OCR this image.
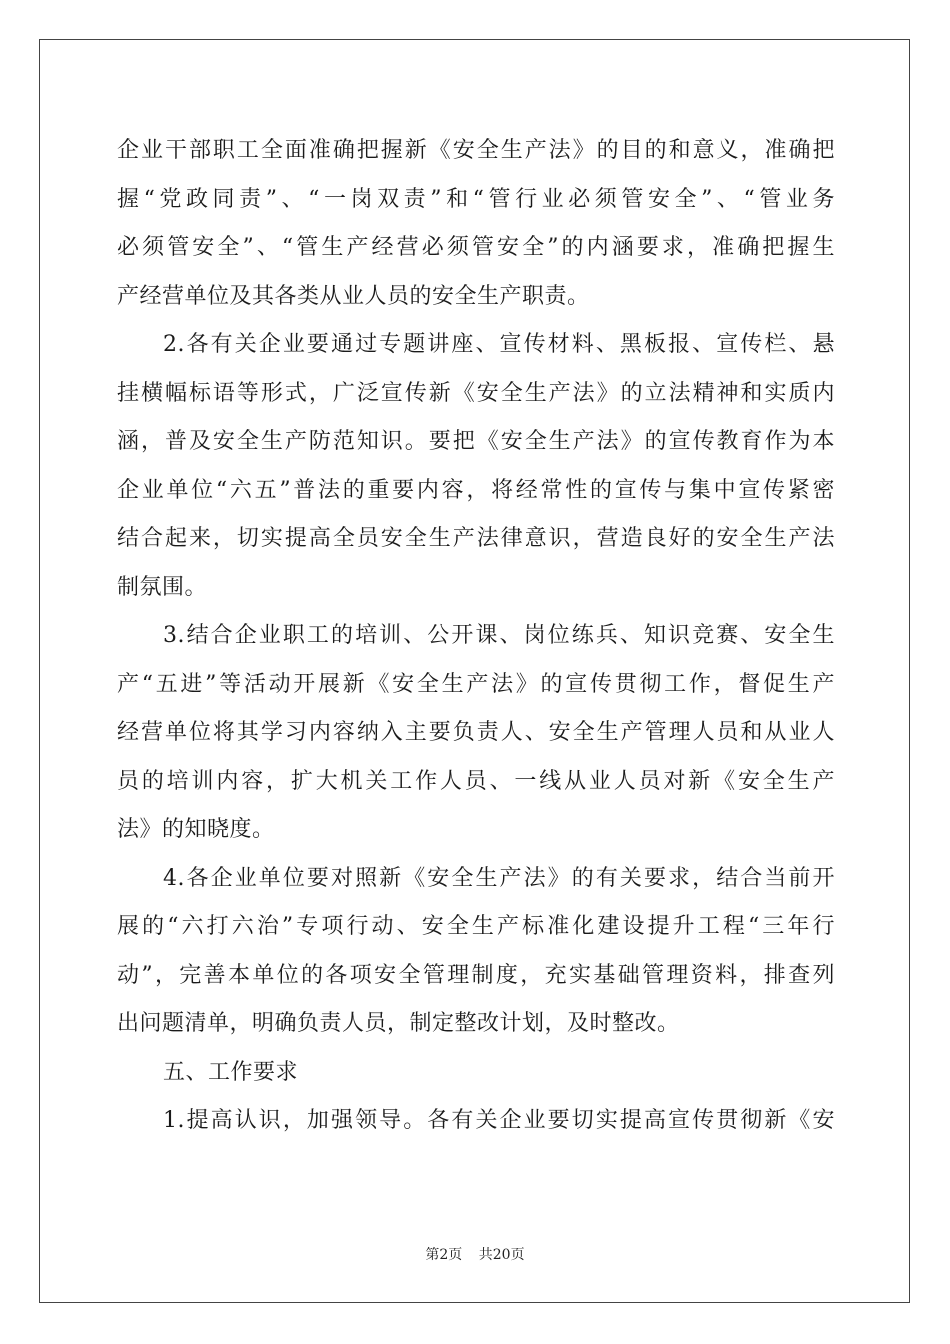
企业干部职工全面准确把握新《安全生产法》的目的和意义，准确把
握“党政同责”、“一岗双责”和“管行业必须管安全”、“管业务
必须管安全”、“管生产经营必须管安全”的内涵要求，准确把握生
产经营单位及其各类从业人员的安全生产职责。
2.各有关企业要通过专题讲座、宣传材料、黑板报、宣传栏、悬
挂横幅标语等形式，广泛宣传新《安全生产法》的立法精神和实质内
涵，普及安全生产防范知识。要把《安全生产法》的宣传教育作为本
企业单位“六五”普法的重要内容，将经常性的宣传与集中宣传紧密
结合起来，切实提高全员安全生产法律意识，营造良好的安全生产法
制氛围。
3.结合企业职工的培训、公开课、岗位练兵、知识竞赛、安全生
产“五进”等活动开展新《安全生产法》的宣传贯彻工作，督促生产
经营单位将其学习内容纳入主要负责人、安全生产管理人员和从业人
员的培训内容，扩大机关工作人员、一线从业人员对新《安全生产
法》的知晓度。
4.各企业单位要对照新《安全生产法》的有关要求，结合当前开
展的“六打六治”专项行动、安全生产标准化建设提升工程“三年行
动”，完善本单位的各项安全管理制度，充实基础管理资料，排查列
出问题清单，明确负责人员，制定整改计划，及时整改。
五、工作要求
1.提高认识，加强领导。各有关企业要切实提高宣传贯彻新《安
第2页 共20页
